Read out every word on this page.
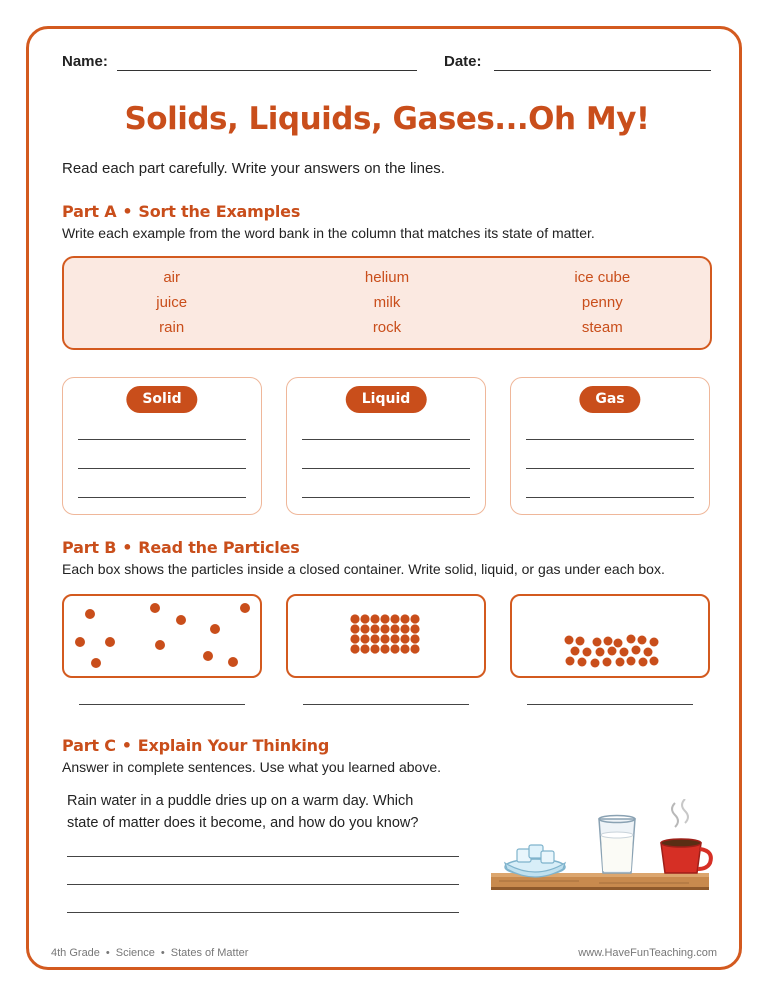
Name:	Date:
Solids, Liquids, Gases...Oh My!
Read each part carefully. Write your answers on the lines.
Part A • Sort the Examples
Write each example from the word bank in the column that matches its state of matter.
air	helium	ice cube
juice	milk	penny
rain	rock	steam
Solid	Liquid	Gas
Part B • Read the Particles
Each box shows the particles inside a closed container. Write solid, liquid, or gas under each box.
Part C • Explain Your Thinking
Answer in complete sentences. Use what you learned above.
Rain water in a puddle dries up on a warm day. Which
state of matter does it become, and how do you know?
4th Grade • Science • States of Matter	www.HaveFunTeaching.com
